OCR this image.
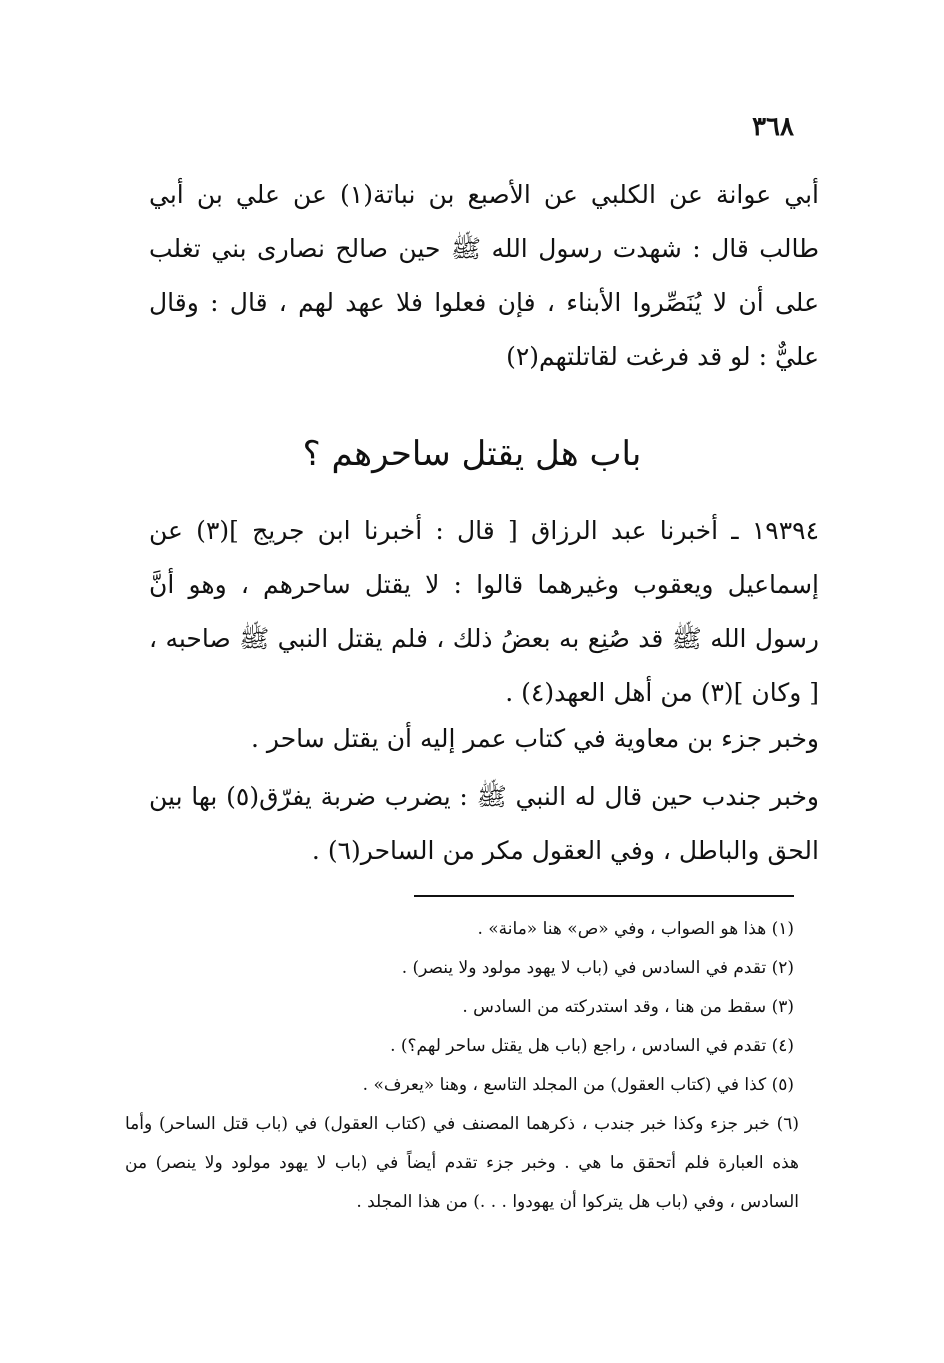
٣٦٨

أبي عوانة عن الكلبي عن الأصبع بن نباتة(١) عن علي بن أبي طالب قال : شهدت رسول الله ﷺ حين صالح نصارى بني تغلب على أن لا يُنَصِّروا الأبناء ، فإن فعلوا فلا عهد لهم ، قال : وقال عليٌّ : لو قد فرغت لقاتلتهم(٢)

باب هل يقتل ساحرهم ؟

١٩٣٩٤ ـ أخبرنا عبد الرزاق [ قال : أخبرنا ابن جريج ](٣) عن إسماعيل ويعقوب وغيرهما قالوا : لا يقتل ساحرهم ، وهو أنَّ رسول الله ﷺ قد صُنِع به بعضُ ذلك ، فلم يقتل النبي ﷺ صاحبه ، [ وكان ](٣) من أهل العهد(٤) .

وخبر جزء بن معاوية في كتاب عمر إليه أن يقتل ساحر .

وخبر جندب حين قال له النبي ﷺ : يضرب ضربة يفرّق(٥) بها بين الحق والباطل ، وفي العقول مكر من الساحر(٦) .

(١) هذا هو الصواب ، وفي «ص» هنا «مانة» .

(٢) تقدم في السادس في (باب لا يهود مولود ولا ينصر) .

(٣) سقط من هنا ، وقد استدركته من السادس .

(٤) تقدم في السادس ، راجع (باب هل يقتل ساحر لهم؟) .

(٥) كذا في (كتاب العقول) من المجلد التاسع ، وهنا «يعرف» .

(٦) خبر جزء وكذا خبر جندب ، ذكرهما المصنف في (كتاب العقول) في (باب قتل الساحر) وأما هذه العبارة فلم أتحقق ما هي . وخبر جزء تقدم أيضاً في (باب لا يهود مولود ولا ينصر) من السادس ، وفي (باب هل يتركوا أن يهودوا . . .) من هذا المجلد .
